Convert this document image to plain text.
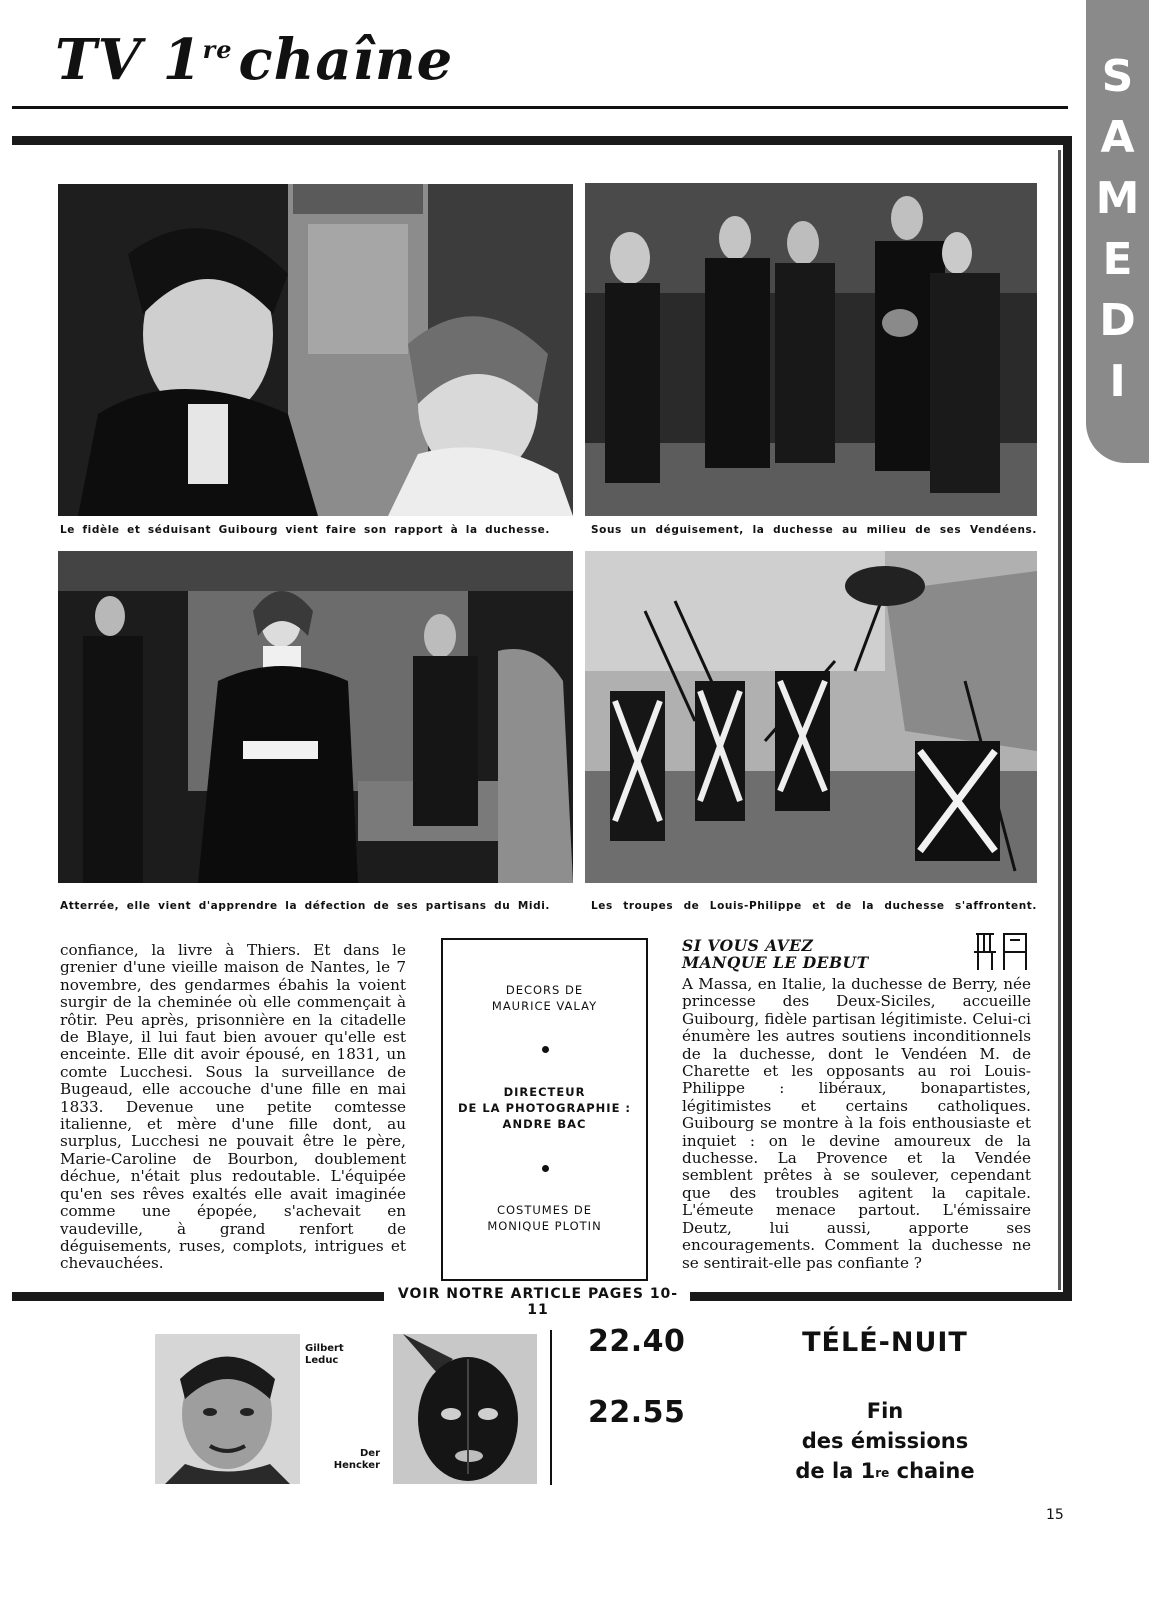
TV 1re chaîne	S
A
M
E
D
I
VOIR NOTRE ARTICLE PAGES 10-11
Le fidèle et séduisant Guibourg vient faire son rapport à la duchesse.	Sous un déguisement, la duchesse au milieu de ses Vendéens.
Atterrée, elle vient d'apprendre la défection de ses partisans du Midi.	Les troupes de Louis-Philippe et de la duchesse s'affrontent.
confiance, la livre à Thiers. Et dans le grenier d'une vieille maison de Nantes, le 7 novembre, des gendarmes ébahis la voient surgir de la cheminée où elle commençait à rôtir. Peu après, prisonnière en la citadelle de Blaye, il lui faut bien avouer qu'elle est enceinte. Elle dit avoir épousé, en 1831, un comte Lucchesi. Sous la surveillance de Bugeaud, elle accouche d'une fille en mai 1833. Devenue une petite comtesse italienne, et mère d'une fille dont, au surplus, Lucchesi ne pouvait être le père, Marie-Caroline de Bourbon, doublement déchue, n'était plus redoutable. L'équipée qu'en ses rêves exaltés elle avait imaginée comme une épopée, s'achevait en vaudeville, à grand renfort de déguisements, ruses, complots, intrigues et chevauchées.
DECORS DE
MAURICE VALAY
DIRECTEUR
DE LA PHOTOGRAPHIE :
ANDRE BAC
COSTUMES DE
MONIQUE PLOTIN
SI VOUS AVEZ
MANQUE LE DEBUT
A Massa, en Italie, la duchesse de Berry, née princesse des Deux-Siciles, accueille Guibourg, fidèle partisan légitimiste. Celui-ci énumère les autres soutiens inconditionnels de la duchesse, dont le Vendéen M. de Charette et les opposants au roi Louis-Philippe : libéraux, bonapartistes, légitimistes et certains catholiques. Guibourg se montre à la fois enthousiaste et inquiet : on le devine amoureux de la duchesse. La Provence et la Vendée semblent prêtes à se soulever, cependant que des troubles agitent la capitale. L'émeute menace partout. L'émissaire Deutz, lui aussi, apporte ses encouragements. Comment la duchesse ne se sentirait-elle pas confiante ?
Gilbert
Leduc
Der
Hencker
22.40	TÉLÉ-NUIT
22.55	Fin
des émissions
de la 1re chaine
15
